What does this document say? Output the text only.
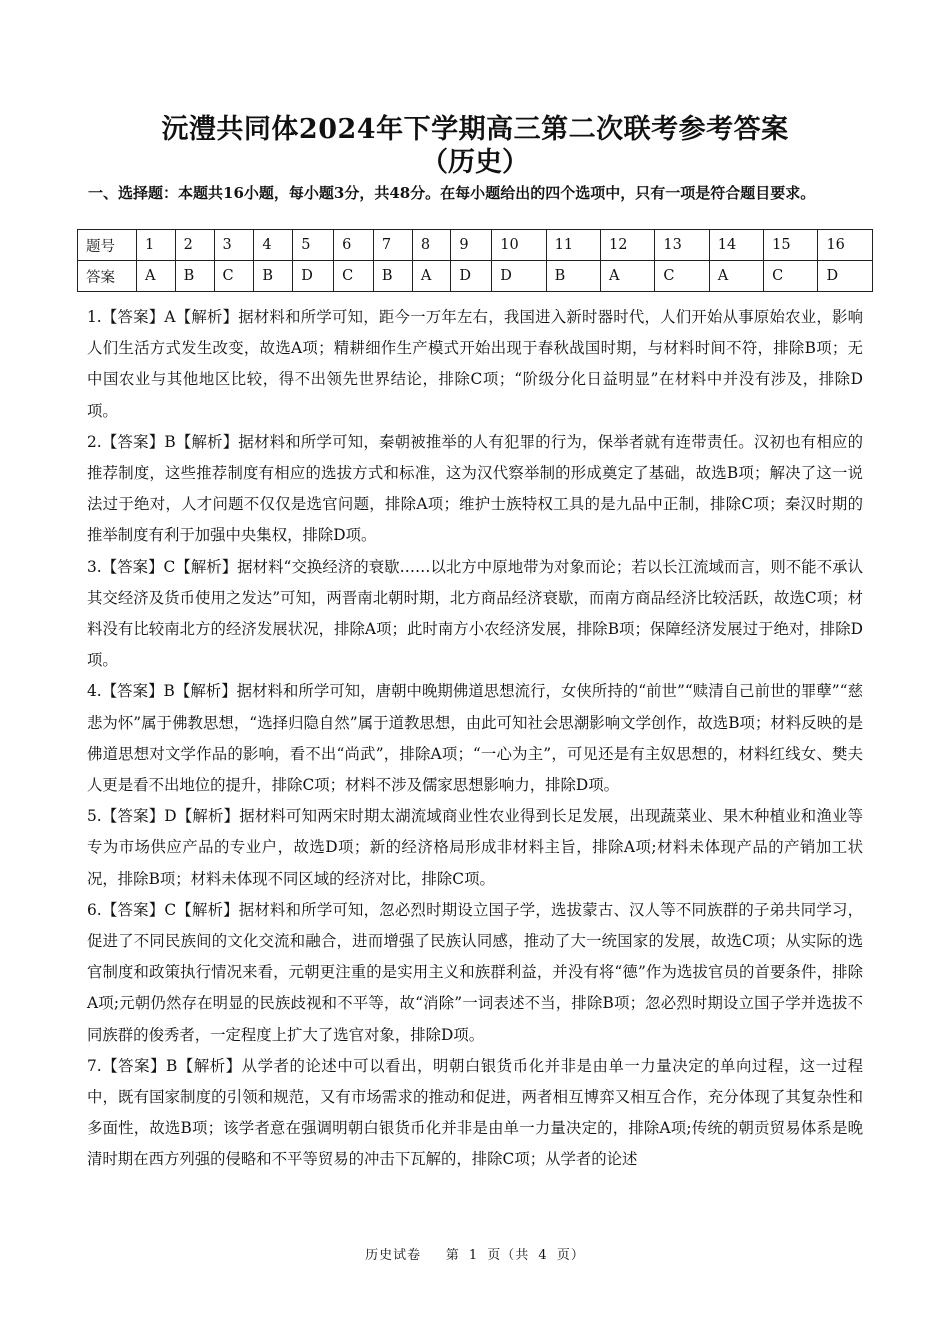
沅澧共同体2024年下学期高三第二次联考参考答案
（历史）
一、选择题：本题共16小题，每小题3分，共48分。在每小题给出的四个选项中，只有一项是符合题目要求。
题号	1	2	3	4	5	6	7	8	9	10	11	12	13	14	15	16
答案	A	B	C	B	D	C	B	A	D	D	B	A	C	A	C	D

1.【答案】A【解析】据材料和所学可知，距今一万年左右，我国进入新时器时代，人们开始从事原始农业，影响人们生活方式发生改变，故选A项；精耕细作生产模式开始出现于春秋战国时期，与材料时间不符，排除B项；无中国农业与其他地区比较，得不出领先世界结论，排除C项；“阶级分化日益明显”在材料中并没有涉及，排除D项。

2.【答案】B【解析】据材料和所学可知，秦朝被推举的人有犯罪的行为，保举者就有连带责任。汉初也有相应的推荐制度，这些推荐制度有相应的选拔方式和标准，这为汉代察举制的形成奠定了基础，故选B项；解决了这一说法过于绝对，人才问题不仅仅是选官问题，排除A项；维护士族特权工具的是九品中正制，排除C项；秦汉时期的推举制度有利于加强中央集权，排除D项。

3.【答案】C【解析】据材料“交换经济的衰歇……以北方中原地带为对象而论；若以长江流域而言，则不能不承认其交经济及货币使用之发达”可知，两晋南北朝时期，北方商品经济衰歇，而南方商品经济比较活跃，故选C项；材料没有比较南北方的经济发展状况，排除A项；此时南方小农经济发展，排除B项；保障经济发展过于绝对，排除D项。

4.【答案】B【解析】据材料和所学可知，唐朝中晚期佛道思想流行，女侠所持的“前世”“赎清自己前世的罪孽”“慈悲为怀”属于佛教思想，“选择归隐自然”属于道教思想，由此可知社会思潮影响文学创作，故选B项；材料反映的是佛道思想对文学作品的影响，看不出“尚武”，排除A项；“一心为主”，可见还是有主奴思想的，材料红线女、樊夫人更是看不出地位的提升，排除C项；材料不涉及儒家思想影响力，排除D项。

5.【答案】D【解析】据材料可知两宋时期太湖流域商业性农业得到长足发展，出现蔬菜业、果木种植业和渔业等专为市场供应产品的专业户，故选D项；新的经济格局形成非材料主旨，排除A项;材料未体现产品的产销加工状况，排除B项；材料未体现不同区域的经济对比，排除C项。

6.【答案】C【解析】据材料和所学可知，忽必烈时期设立国子学，选拔蒙古、汉人等不同族群的子弟共同学习，促进了不同民族间的文化交流和融合，进而增强了民族认同感，推动了大一统国家的发展，故选C项；从实际的选官制度和政策执行情况来看，元朝更注重的是实用主义和族群利益，并没有将“德”作为选拔官员的首要条件，排除A项;元朝仍然存在明显的民族歧视和不平等，故“消除”一词表述不当，排除B项；忽必烈时期设立国子学并选拔不同族群的俊秀者，一定程度上扩大了选官对象，排除D项。

7.【答案】B【解析】从学者的论述中可以看出，明朝白银货币化并非是由单一力量决定的单向过程，这一过程中，既有国家制度的引领和规范，又有市场需求的推动和促进，两者相互博弈又相互合作，充分体现了其复杂性和多面性，故选B项；该学者意在强调明朝白银货币化并非是由单一力量决定的，排除A项;传统的朝贡贸易体系是晚清时期在西方列强的侵略和不平等贸易的冲击下瓦解的，排除C项；从学者的论述

历史试卷 第 1 页（共 4 页）
